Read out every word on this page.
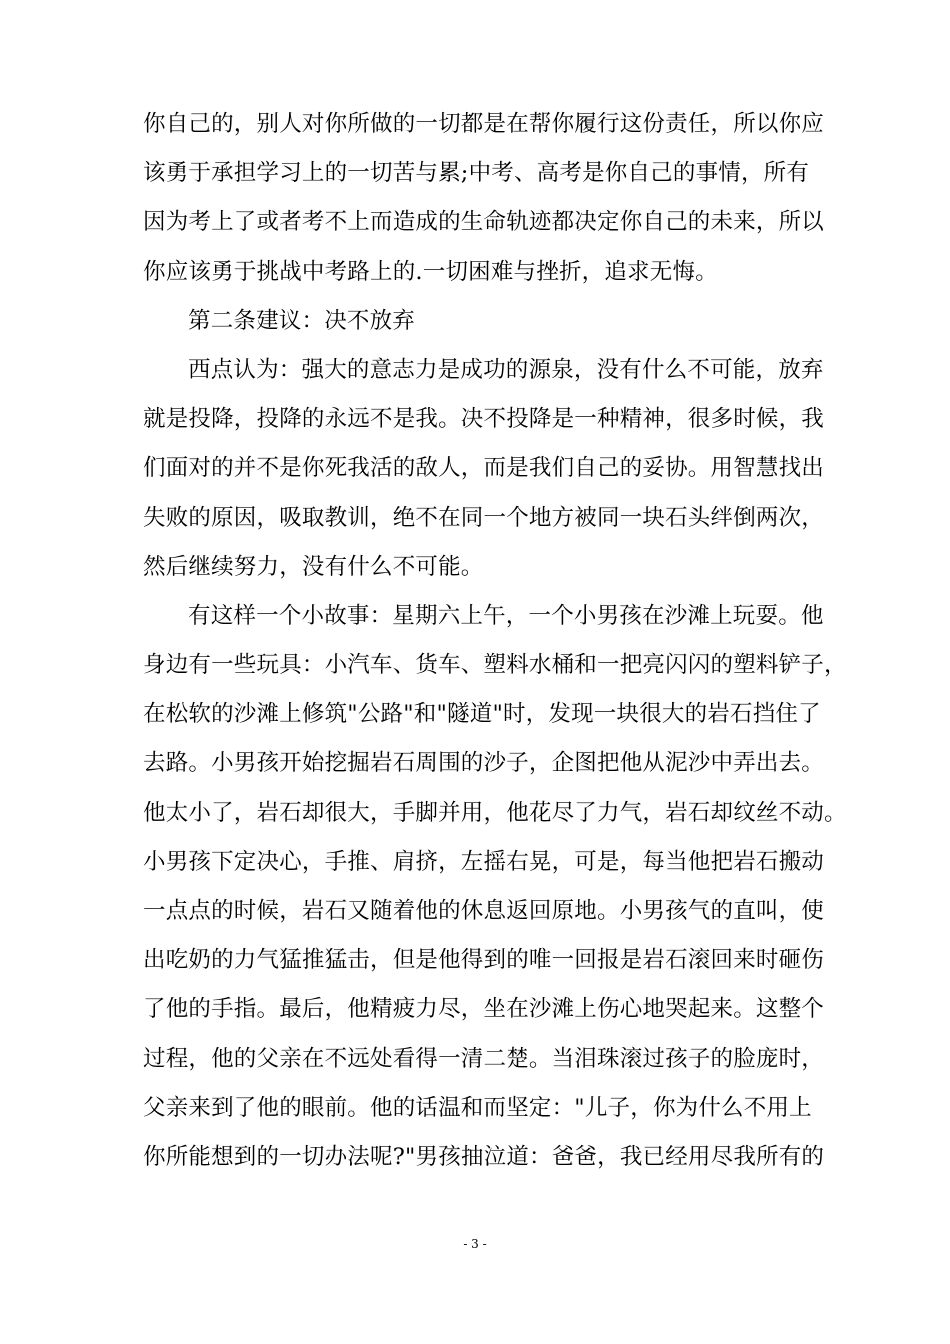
你自己的，别人对你所做的一切都是在帮你履行这份责任，所以你应
该勇于承担学习上的一切苦与累;中考、高考是你自己的事情，所有
因为考上了或者考不上而造成的生命轨迹都决定你自己的未来，所以
你应该勇于挑战中考路上的.一切困难与挫折，追求无悔。
第二条建议：决不放弃
西点认为：强大的意志力是成功的源泉，没有什么不可能，放弃
就是投降，投降的永远不是我。决不投降是一种精神，很多时候，我
们面对的并不是你死我活的敌人，而是我们自己的妥协。用智慧找出
失败的原因，吸取教训，绝不在同一个地方被同一块石头绊倒两次，
然后继续努力，没有什么不可能。
有这样一个小故事：星期六上午，一个小男孩在沙滩上玩耍。他
身边有一些玩具：小汽车、货车、塑料水桶和一把亮闪闪的塑料铲子，
在松软的沙滩上修筑"公路"和"隧道"时，发现一块很大的岩石挡住了
去路。小男孩开始挖掘岩石周围的沙子，企图把他从泥沙中弄出去。
他太小了，岩石却很大，手脚并用，他花尽了力气，岩石却纹丝不动。
小男孩下定决心，手推、肩挤，左摇右晃，可是，每当他把岩石搬动
一点点的时候，岩石又随着他的休息返回原地。小男孩气的直叫，使
出吃奶的力气猛推猛击，但是他得到的唯一回报是岩石滚回来时砸伤
了他的手指。最后，他精疲力尽，坐在沙滩上伤心地哭起来。这整个
过程，他的父亲在不远处看得一清二楚。当泪珠滚过孩子的脸庞时，
父亲来到了他的眼前。他的话温和而坚定："儿子，你为什么不用上
你所能想到的一切办法呢?"男孩抽泣道：爸爸，我已经用尽我所有的
- 3 -
